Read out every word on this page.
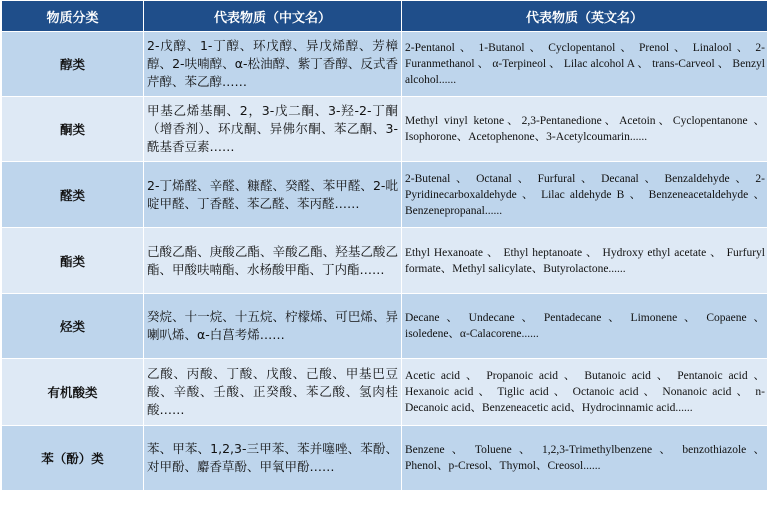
物质分类	代表物质（中文名）	代表物质（英文名）
醇类	2-戊醇、1-丁醇、环戊醇、异戊烯醇、芳樟醇、2-呋喃醇、α-松油醇、紫丁香醇、反式香芹醇、苯乙醇……	2-Pentanol 、 1-Butanol 、 Cyclopentanol 、 Prenol 、 Linalool 、 2-Furanmethanol 、 α-Terpineol 、 Lilac alcohol A 、 trans-Carveol 、 Benzyl alcohol......
酮类	甲基乙烯基酮、2，3-戊二酮、3-羟-2-丁酮（增香剂）、环戊酮、异佛尔酮、苯乙酮、3-酰基香豆素……	Methyl vinyl ketone、2,3-Pentanedione、Acetoin、Cyclopentanone 、Isophorone、Acetophenone、3-Acetylcoumarin......
醛类	2-丁烯醛、辛醛、糠醛、癸醛、苯甲醛、2-吡啶甲醛、丁香醛、苯乙醛、苯丙醛……	2-Butenal 、 Octanal 、 Furfural 、 Decanal 、 Benzaldehyde 、 2-Pyridinecarboxaldehyde 、 Lilac aldehyde B 、 Benzeneacetaldehyde 、 Benzenepropanal......
酯类	己酸乙酯、庚酸乙酯、辛酸乙酯、羟基乙酸乙酯、甲酸呋喃酯、水杨酸甲酯、丁内酯……	Ethyl Hexanoate 、 Ethyl heptanoate 、 Hydroxy ethyl acetate 、 Furfuryl formate、Methyl salicylate、Butyrolactone......
烃类	癸烷、十一烷、十五烷、柠檬烯、可巴烯、异喇叭烯、α-白菖考烯……	Decane 、 Undecane 、 Pentadecane 、 Limonene 、 Copaene 、 isoledene、α-Calacorene......
有机酸类	乙酸、丙酸、丁酸、戊酸、己酸、甲基巴豆酸、辛酸、壬酸、正癸酸、苯乙酸、氢肉桂酸……	Acetic acid 、 Propanoic acid 、 Butanoic acid 、 Pentanoic acid 、 Hexanoic acid 、 Tiglic acid 、 Octanoic acid 、 Nonanoic acid 、 n-Decanoic acid、Benzeneacetic acid、Hydrocinnamic acid......
苯（酚）类	苯、甲苯、1,2,3-三甲苯、苯并噻唑、苯酚、对甲酚、麝香草酚、甲氧甲酚……	Benzene 、 Toluene 、 1,2,3-Trimethylbenzene 、 benzothiazole 、 Phenol、p-Cresol、Thymol、Creosol......
